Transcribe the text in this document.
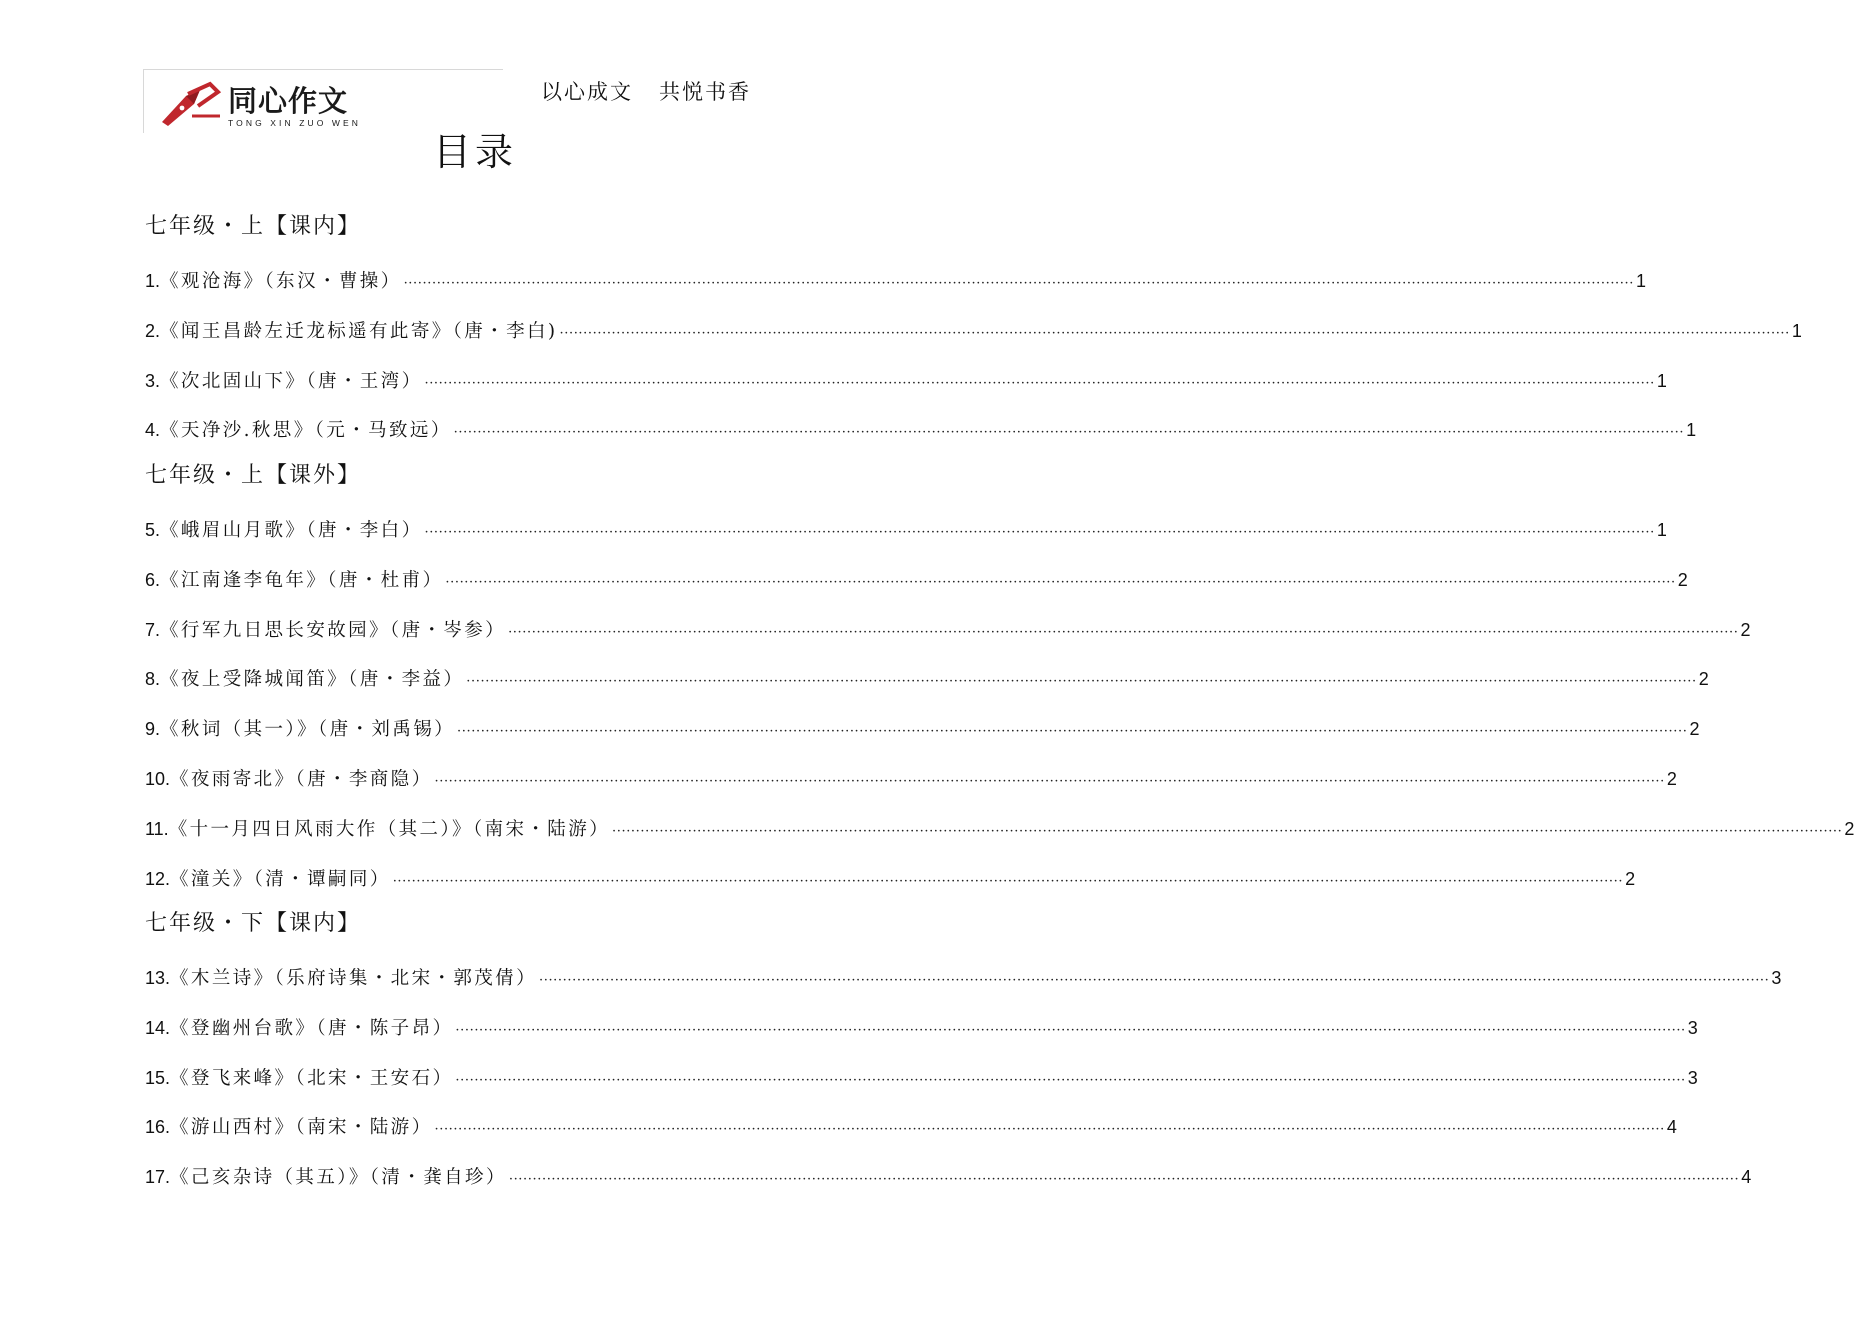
同心作文
TONG XIN ZUO WEN
以心成文   共悦书香
目录
七年级・上【课内】
1. 《观沧海》（东汉・曹操） ···································································································································································································································································· 1
2. 《闻王昌龄左迁龙标遥有此寄》（唐・李白) ···································································································································································································································································· 1
3. 《次北固山下》（唐・王湾） ···································································································································································································································································· 1
4. 《天净沙.秋思》（元・马致远） ···································································································································································································································································· 1
七年级・上【课外】
5. 《峨眉山月歌》（唐・李白） ···································································································································································································································································· 1
6. 《江南逢李龟年》（唐・杜甫） ···································································································································································································································································· 2
7. 《行军九日思长安故园》（唐・岑参） ···································································································································································································································································· 2
8. 《夜上受降城闻笛》（唐・李益） ···································································································································································································································································· 2
9. 《秋词（其一）》（唐・刘禹锡） ···································································································································································································································································· 2
10. 《夜雨寄北》（唐・李商隐） ···································································································································································································································································· 2
11. 《十一月四日风雨大作（其二）》（南宋・陆游） ···································································································································································································································································· 2
12. 《潼关》（清・谭嗣同） ···································································································································································································································································· 2
七年级・下【课内】
13. 《木兰诗》（乐府诗集・北宋・郭茂倩） ···································································································································································································································································· 3
14. 《登幽州台歌》（唐・陈子昂） ···································································································································································································································································· 3
15. 《登飞来峰》（北宋・王安石） ···································································································································································································································································· 3
16. 《游山西村》（南宋・陆游） ···································································································································································································································································· 4
17. 《己亥杂诗（其五）》（清・龚自珍） ···································································································································································································································································· 4
